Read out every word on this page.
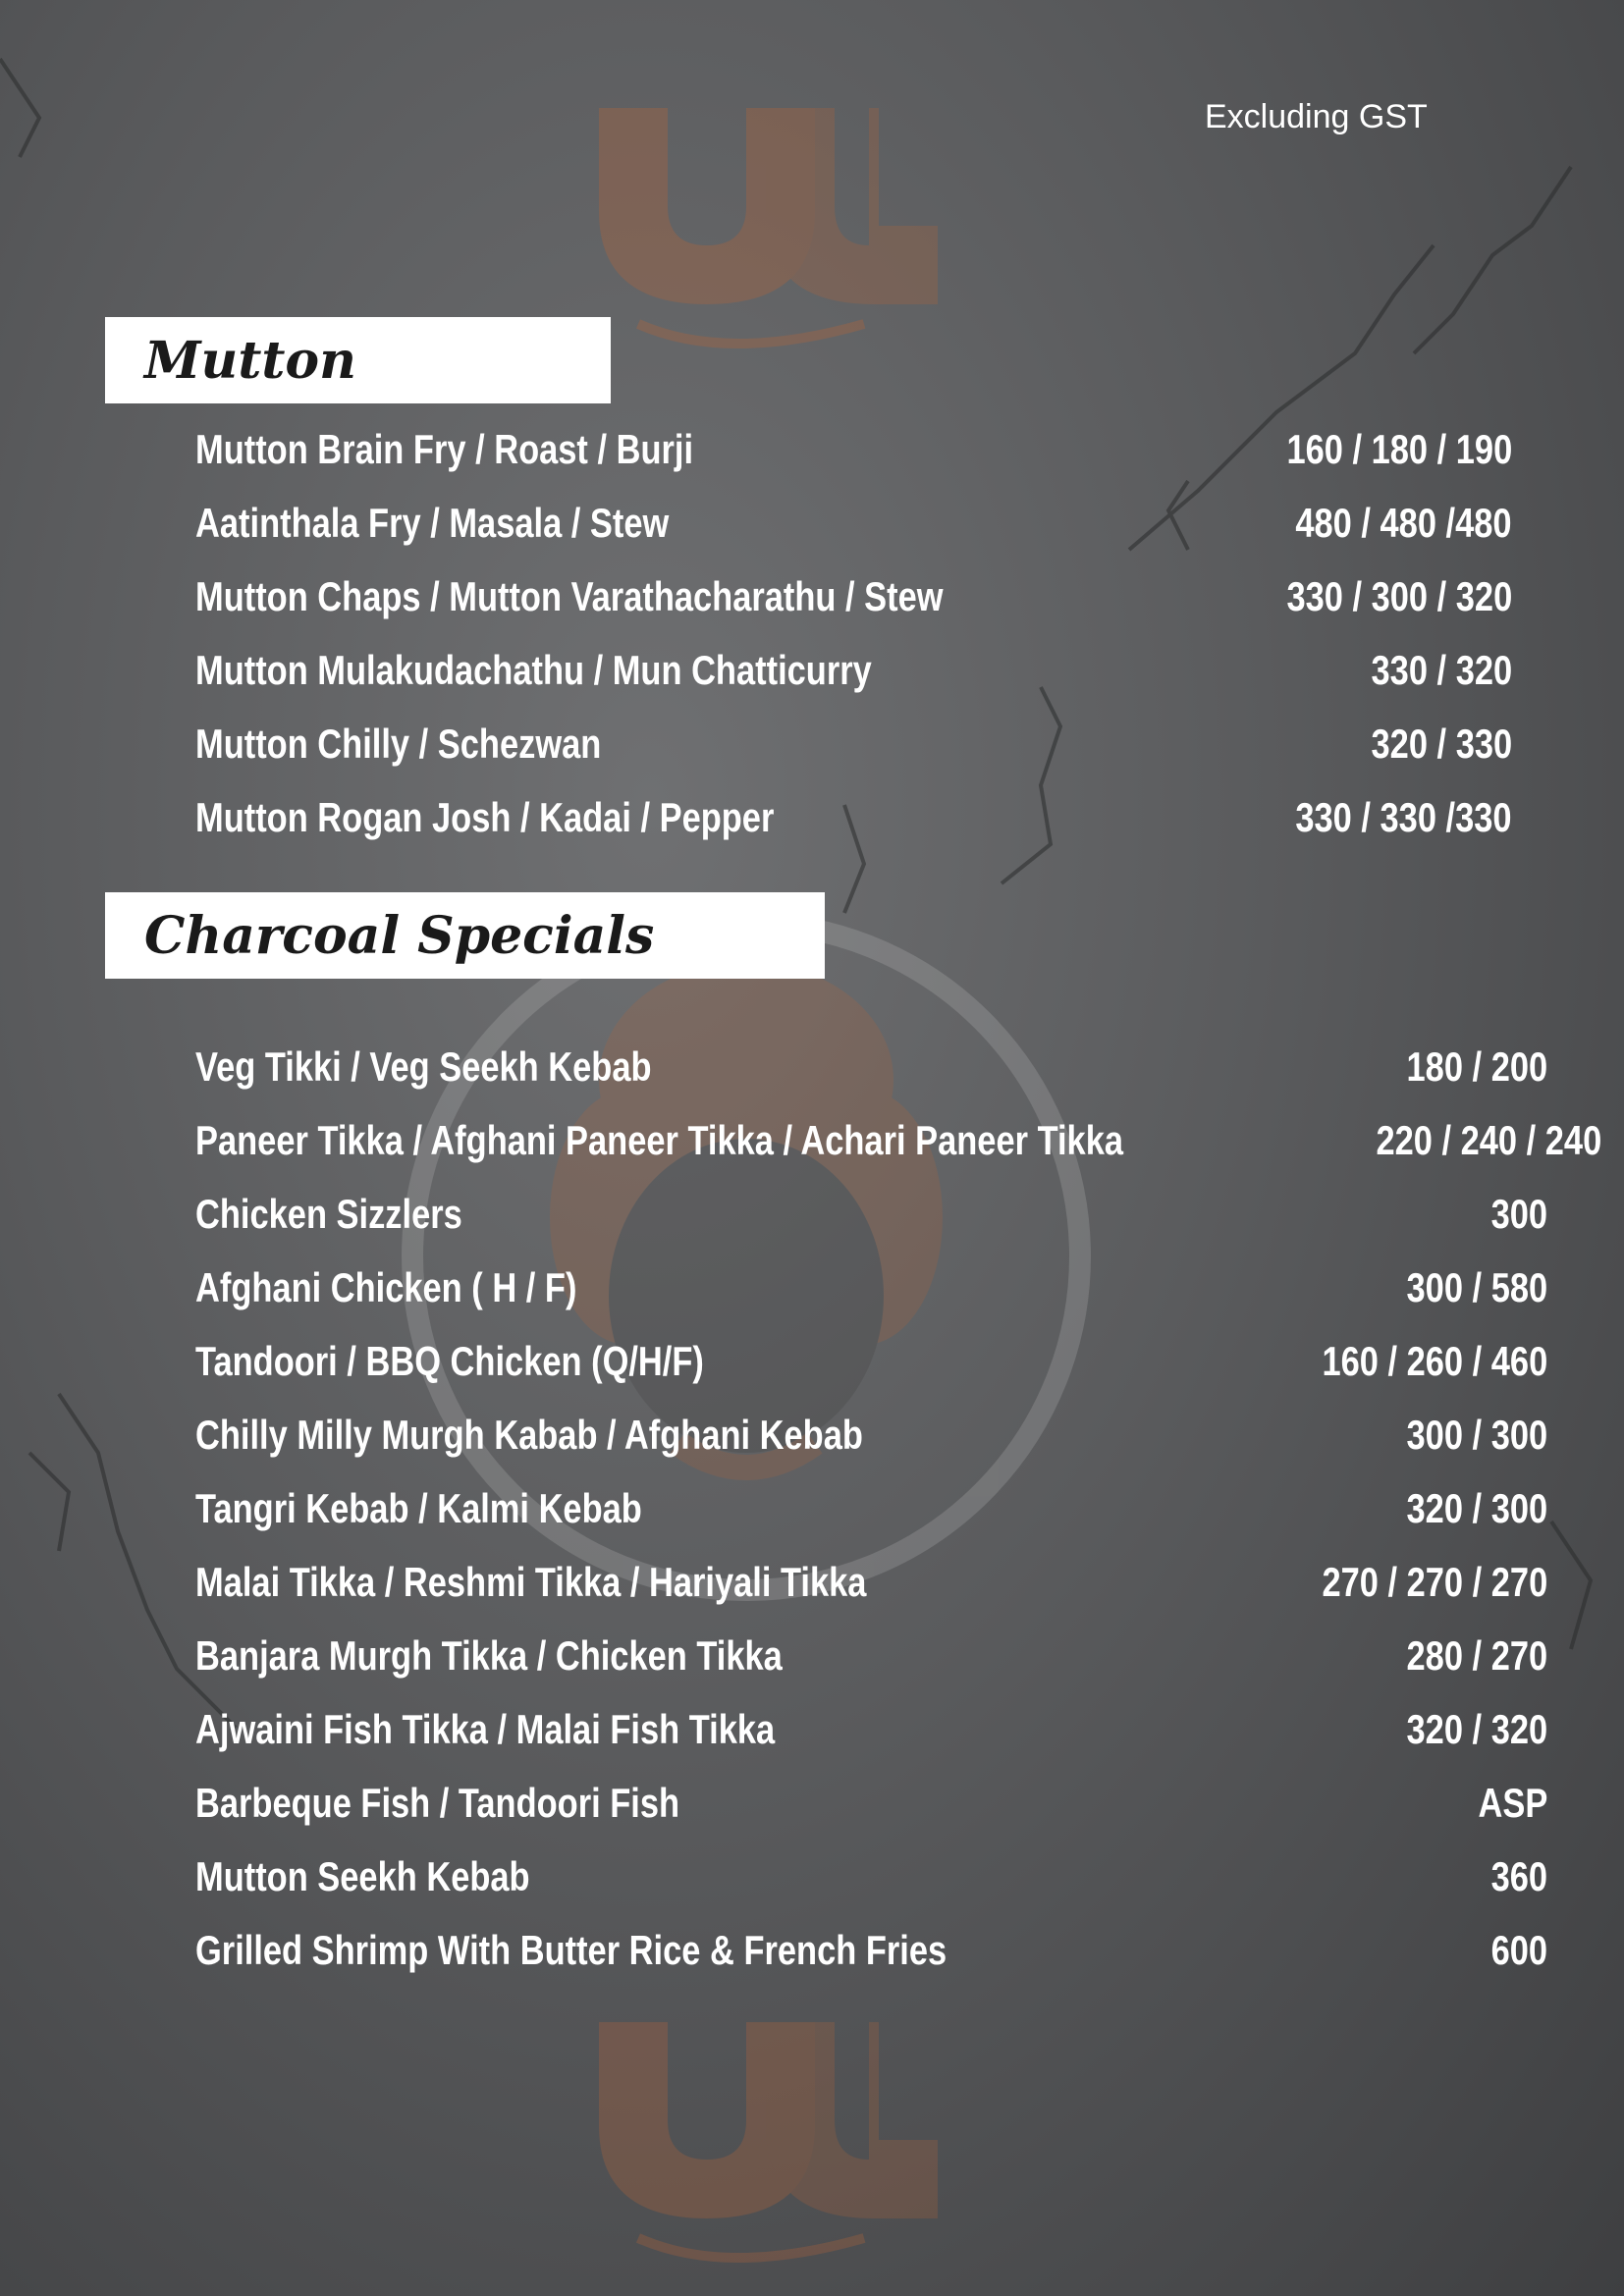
Excluding GST
Mutton
Mutton Brain Fry / Roast / Burji	160 / 180 / 190
Aatinthala Fry / Masala / Stew	480 / 480 /480
Mutton Chaps / Mutton Varathacharathu / Stew	330 / 300 / 320
Mutton Mulakudachathu / Mun Chatticurry	330 / 320
Mutton Chilly / Schezwan	320 / 330
Mutton Rogan Josh / Kadai / Pepper	330 / 330 /330
Charcoal Specials
Veg Tikki / Veg Seekh Kebab	180 / 200
Paneer Tikka / Afghani Paneer Tikka / Achari Paneer Tikka	220 / 240 / 240
Chicken Sizzlers	300
Afghani Chicken ( H / F)	300 / 580
Tandoori / BBQ Chicken (Q/H/F)	160 / 260 / 460
Chilly Milly Murgh Kabab / Afghani Kebab	300 / 300
Tangri Kebab / Kalmi Kebab	320 / 300
Malai Tikka / Reshmi Tikka / Hariyali Tikka	270 / 270 / 270
Banjara Murgh Tikka / Chicken Tikka	280 / 270
Ajwaini Fish Tikka / Malai Fish Tikka	320 / 320
Barbeque Fish / Tandoori Fish	ASP
Mutton Seekh Kebab	360
Grilled Shrimp With Butter Rice & French Fries	600
